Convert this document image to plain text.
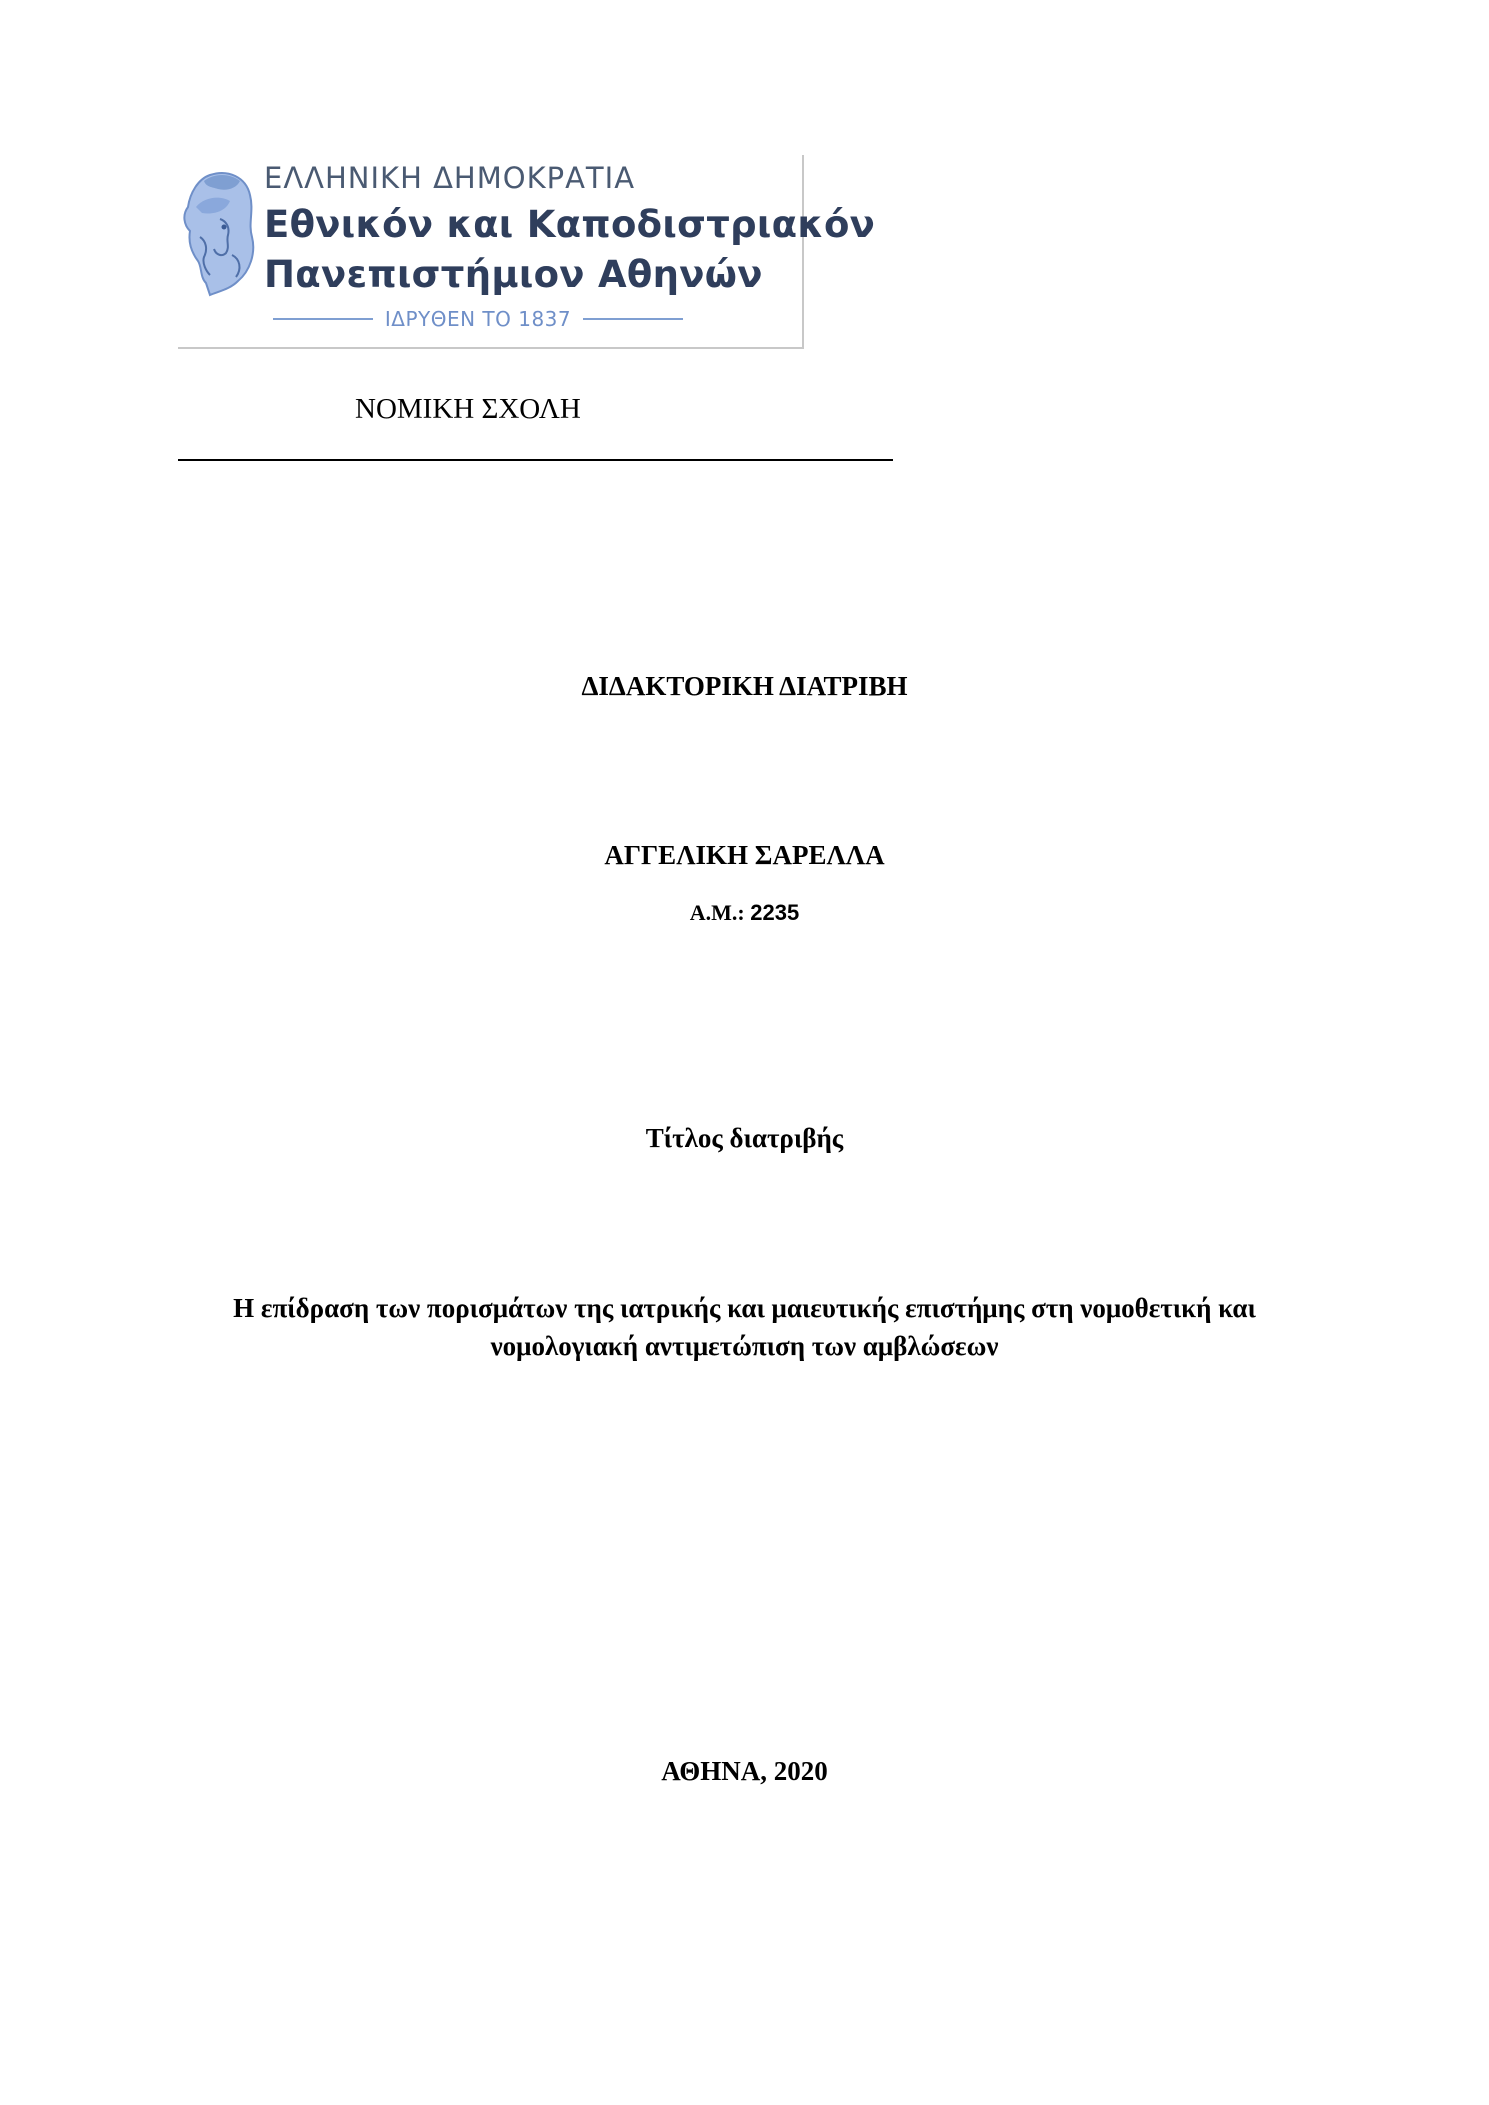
ΕΛΛΗΝΙΚΗ ΔΗΜΟΚΡΑΤΙΑ
Εθνικόν και Καποδιστριακόν
Πανεπιστήμιον Αθηνών
ΙΔΡΥΘΕΝ ΤΟ 1837
ΝΟΜΙΚΗ ΣΧΟΛΗ
ΔΙΔΑΚΤΟΡΙΚΗ ΔΙΑΤΡΙΒΗ
ΑΓΓΕΛΙΚΗ ΣΑΡΕΛΛΑ
Α.Μ.: 2235
Τίτλος διατριβής
Η επίδραση των πορισμάτων της ιατρικής και μαιευτικής επιστήμης στη νομοθετική και
νομολογιακή αντιμετώπιση των αμβλώσεων
ΑΘΗΝΑ, 2020
